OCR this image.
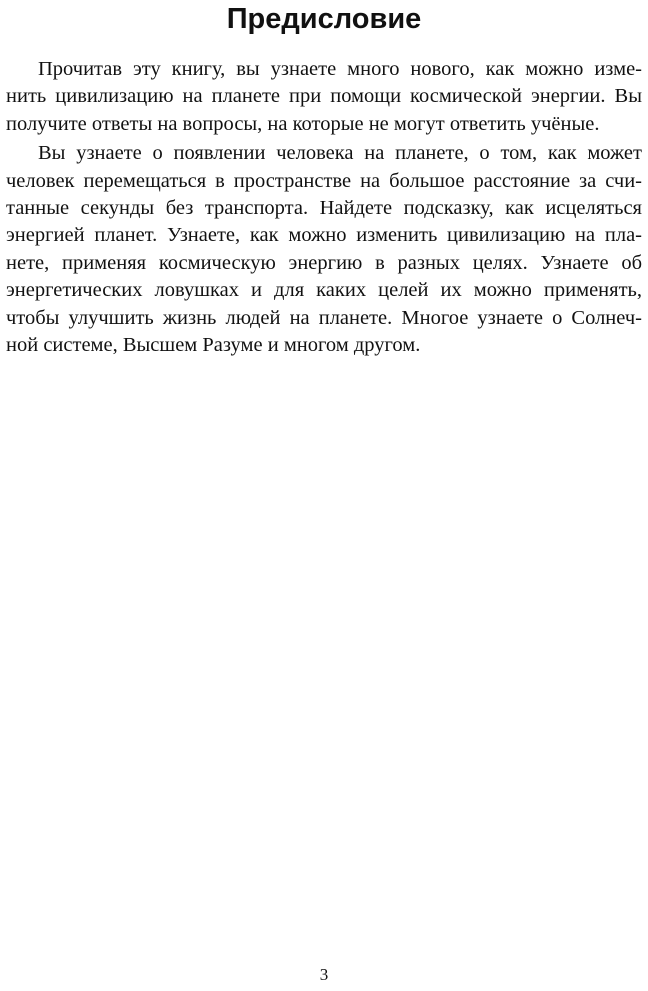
Предисловие
Прочитав эту книгу, вы узнаете много нового, как можно изме-
нить цивилизацию на планете при помощи космической энергии. Вы
получите ответы на вопросы, на которые не могут ответить учёные.
Вы узнаете о появлении человека на планете, о том, как может
человек перемещаться в пространстве на большое расстояние за счи-
танные секунды без транспорта. Найдете подсказку, как исцеляться
энергией планет. Узнаете, как можно изменить цивилизацию на пла-
нете, применяя космическую энергию в разных целях. Узнаете об
энергетических ловушках и для каких целей их можно применять,
чтобы улучшить жизнь людей на планете. Многое узнаете о Солнеч-
ной системе, Высшем Разуме и многом другом.
3
